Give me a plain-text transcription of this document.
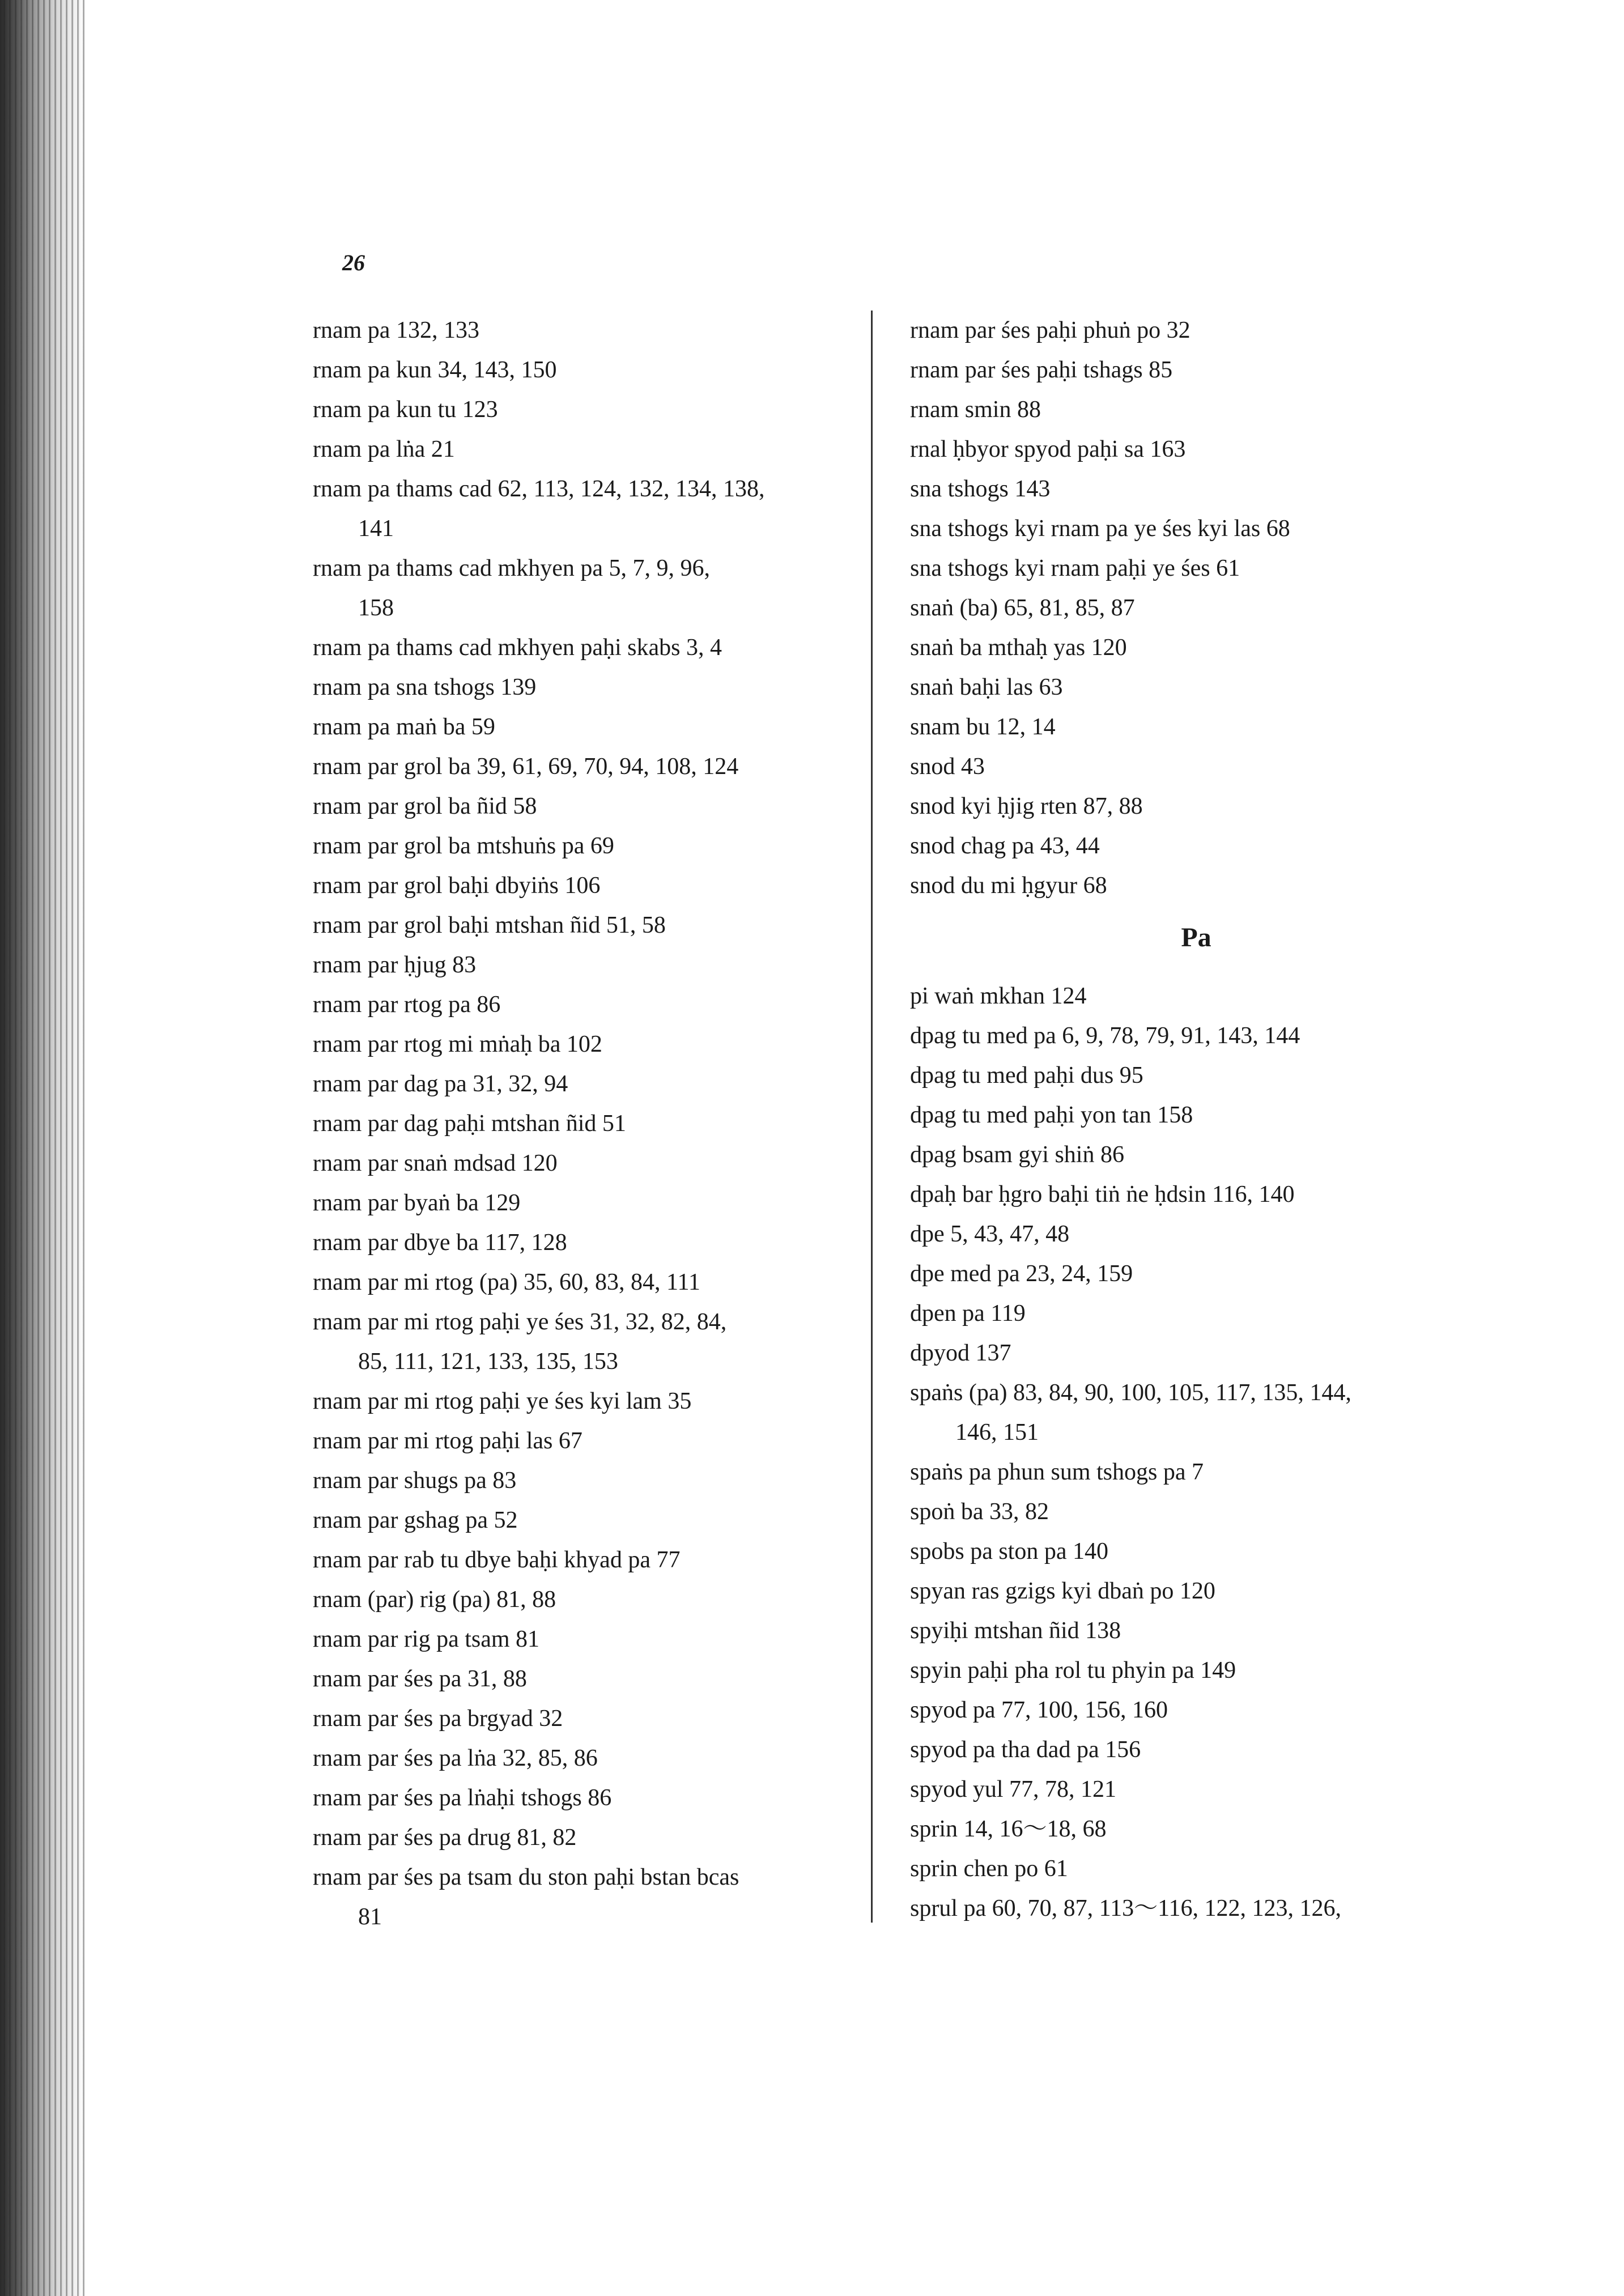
26
rnam pa 132, 133
rnam pa kun 34, 143, 150
rnam pa kun tu 123
rnam pa lṅa 21
rnam pa thams cad 62, 113, 124, 132, 134, 138,
141
rnam pa thams cad mkhyen pa 5, 7, 9, 96,
158
rnam pa thams cad mkhyen paḥi skabs 3, 4
rnam pa sna tshogs 139
rnam pa maṅ ba 59
rnam par grol ba 39, 61, 69, 70, 94, 108, 124
rnam par grol ba ñid 58
rnam par grol ba mtshuṅs pa 69
rnam par grol baḥi dbyiṅs 106
rnam par grol baḥi mtshan ñid 51, 58
rnam par ḥjug 83
rnam par rtog pa 86
rnam par rtog mi mṅaḥ ba 102
rnam par dag pa 31, 32, 94
rnam par dag paḥi mtshan ñid 51
rnam par snaṅ mdsad 120
rnam par byaṅ ba 129
rnam par dbye ba 117, 128
rnam par mi rtog (pa) 35, 60, 83, 84, 111
rnam par mi rtog paḥi ye śes 31, 32, 82, 84,
85, 111, 121, 133, 135, 153
rnam par mi rtog paḥi ye śes kyi lam 35
rnam par mi rtog paḥi las 67
rnam par shugs pa 83
rnam par gshag pa 52
rnam par rab tu dbye baḥi khyad pa 77
rnam (par) rig (pa) 81, 88
rnam par rig pa tsam 81
rnam par śes pa 31, 88
rnam par śes pa brgyad 32
rnam par śes pa lṅa 32, 85, 86
rnam par śes pa lṅaḥi tshogs 86
rnam par śes pa drug 81, 82
rnam par śes pa tsam du ston paḥi bstan bcas
81
rnam par śes paḥi phuṅ po 32
rnam par śes paḥi tshags 85
rnam smin 88
rnal ḥbyor spyod paḥi sa 163
sna tshogs 143
sna tshogs kyi rnam pa ye śes kyi las 68
sna tshogs kyi rnam paḥi ye śes 61
snaṅ (ba) 65, 81, 85, 87
snaṅ ba mthaḥ yas 120
snaṅ baḥi las 63
snam bu 12, 14
snod 43
snod kyi ḥjig rten 87, 88
snod chag pa 43, 44
snod du mi ḥgyur 68
Pa
pi waṅ mkhan 124
dpag tu med pa 6, 9, 78, 79, 91, 143, 144
dpag tu med paḥi dus 95
dpag tu med paḥi yon tan 158
dpag bsam gyi shiṅ 86
dpaḥ bar ḥgro baḥi tiṅ ṅe ḥdsin 116, 140
dpe 5, 43, 47, 48
dpe med pa 23, 24, 159
dpen pa 119
dpyod 137
spaṅs (pa) 83, 84, 90, 100, 105, 117, 135, 144,
146, 151
spaṅs pa phun sum tshogs pa 7
spoṅ ba 33, 82
spobs pa ston pa 140
spyan ras gzigs kyi dbaṅ po 120
spyiḥi mtshan ñid 138
spyin paḥi pha rol tu phyin pa 149
spyod pa 77, 100, 156, 160
spyod pa tha dad pa 156
spyod yul 77, 78, 121
sprin 14, 16～18, 68
sprin chen po 61
sprul pa 60, 70, 87, 113～116, 122, 123, 126,
